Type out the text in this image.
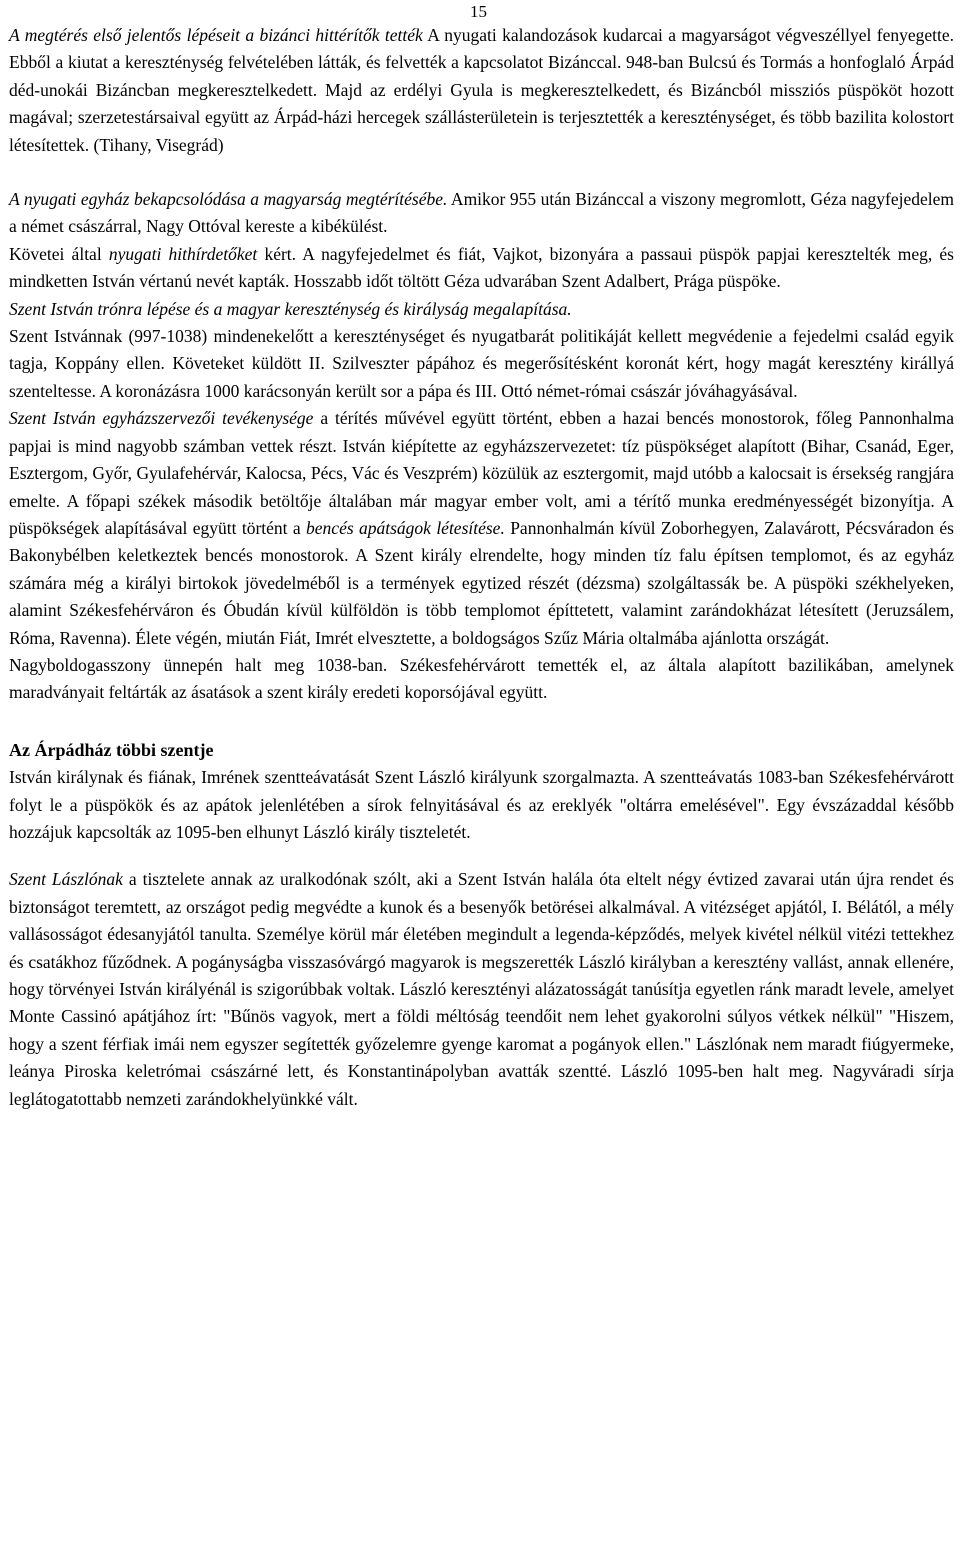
15

A megtérés első jelentős lépéseit a bizánci hittérítők tették A nyugati kalandozások kudarcai a magyarságot végveszéllyel fenyegette. Ebből a kiutat a kereszténység felvételében látták, és felvették a kapcsolatot Bizánccal. 948-ban Bulcsú és Tormás a honfoglaló Árpád déd-unokái Bizáncban megkeresztelkedett. Majd az erdélyi Gyula is megkeresztelkedett, és Bizáncból missziós püspököt hozott magával; szerzetestársaival együtt az Árpád-házi hercegek szállásterületein is terjesztették a kereszténységet, és több bazilita kolostort létesítettek. (Tihany, Visegrád)

A nyugati egyház bekapcsolódása a magyarság megtérítésébe. Amikor 955 után Bizánccal a viszony megromlott, Géza nagyfejedelem a német császárral, Nagy Ottóval kereste a kibékülést.

Követei által nyugati hithírdetőket kért. A nagyfejedelmet és fiát, Vajkot, bizonyára a passaui püspök papjai keresztelték meg, és mindketten István vértanú nevét kapták. Hosszabb időt töltött Géza udvarában Szent Adalbert, Prága püspöke.

Szent István trónra lépése és a magyar kereszténység és királyság megalapítása.

Szent Istvánnak (997-1038) mindenekelőtt a kereszténységet és nyugatbarát politikáját kellett megvédenie a fejedelmi család egyik tagja, Koppány ellen. Követeket küldött II. Szilveszter pápához és megerősítésként koronát kért, hogy magát keresztény királlyá szenteltesse. A koronázásra 1000 karácsonyán került sor a pápa és III. Ottó német-római császár jóváhagyásával.

Szent István egyházszervezői tevékenysége a térítés művével együtt történt, ebben a hazai bencés monostorok, főleg Pannonhalma papjai is mind nagyobb számban vettek részt. István kiépítette az egyházszervezetet: tíz püspökséget alapított (Bihar, Csanád, Eger, Esztergom, Győr, Gyulafehérvár, Kalocsa, Pécs, Vác és Veszprém) közülük az esztergomit, majd utóbb a kalocsait is érsekség rangjára emelte. A főpapi székek második betöltője általában már magyar ember volt, ami a térítő munka eredményességét bizonyítja. A püspökségek alapításával együtt történt a bencés apátságok létesítése. Pannonhalmán kívül Zoborhegyen, Zalavárott, Pécsváradon és Bakonybélben keletkeztek bencés monostorok. A Szent király elrendelte, hogy minden tíz falu építsen templomot, és az egyház számára még a királyi birtokok jövedelméből is a termények egytized részét (dézsma) szolgáltassák be. A püspöki székhelyeken, alamint Székesfehérváron és Óbudán kívül külföldön is több templomot építtetett, valamint zarándokházat létesített (Jeruzsálem, Róma, Ravenna). Élete végén, miután Fiát, Imrét elvesztette, a boldogságos Szűz Mária oltalmába ajánlotta országát.

Nagyboldogasszony ünnepén halt meg 1038-ban. Székesfehérvárott temették el, az általa alapított bazilikában, amelynek maradványait feltárták az ásatások a szent király eredeti koporsójával együtt.

Az Árpádház többi szentje

István királynak és fiának, Imrének szentteávatását Szent László királyunk szorgalmazta. A szentteávatás 1083-ban Székesfehérvárott folyt le a püspökök és az apátok jelenlétében a sírok felnyitásával és az ereklyék "oltárra emelésével". Egy évszázaddal később hozzájuk kapcsolták az 1095-ben elhunyt László király tiszteletét.

Szent Lászlónak a tisztelete annak az uralkodónak szólt, aki a Szent István halála óta eltelt négy évtized zavarai után újra rendet és biztonságot teremtett, az országot pedig megvédte a kunok és a besenyők betörései alkalmával. A vitézséget apjától, I. Bélától, a mély vallásosságot édesanyjától tanulta. Személye körül már életében megindult a legenda-képződés, melyek kivétel nélkül vitézi tettekhez és csatákhoz fűződnek. A pogányságba visszasóvárgó magyarok is megszerették László királyban a keresztény vallást, annak ellenére, hogy törvényei István királyénál is szigorúbbak voltak. László keresztényi alázatosságát tanúsítja egyetlen ránk maradt levele, amelyet Monte Cassinó apátjához írt: "Bűnös vagyok, mert a földi méltóság teendőit nem lehet gyakorolni súlyos vétkek nélkül" "Hiszem, hogy a szent férfiak imái nem egyszer segítették győzelemre gyenge karomat a pogányok ellen." Lászlónak nem maradt fiúgyermeke, leánya Piroska keletrómai császárné lett, és Konstantinápolyban avatták szentté. László 1095-ben halt meg. Nagyváradi sírja leglátogatottabb nemzeti zarándokhelyünkké vált.
